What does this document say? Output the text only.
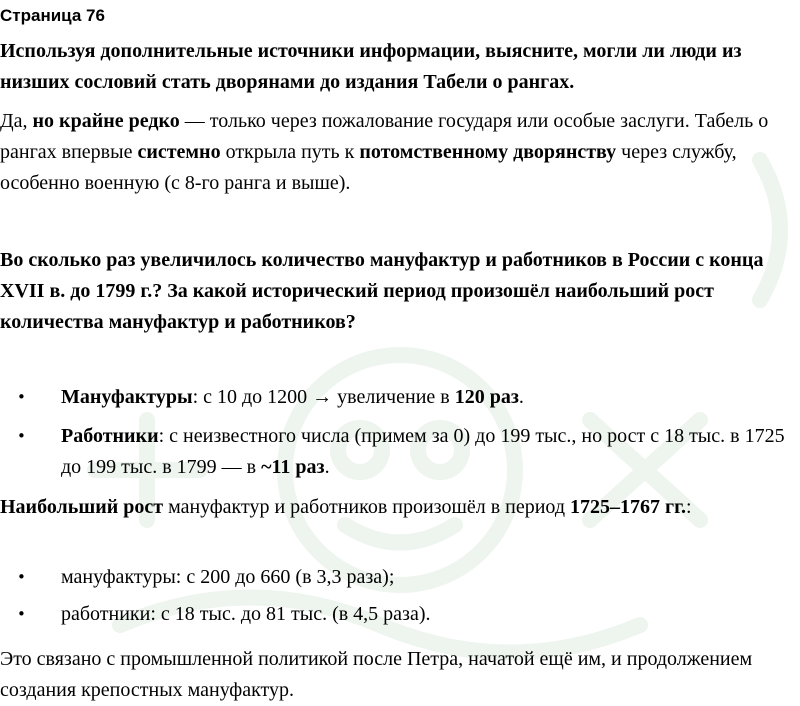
Страница 76

Используя дополнительные источники информации, выясните, могли ли люди из низших сословий стать дворянами до издания Табели о рангах.

Да, но крайне редко — только через пожалование государя или особые заслуги. Табель о рангах впервые системно открыла путь к потомственному дворянству через службу, особенно военную (с 8-го ранга и выше).

Во сколько раз увеличилось количество мануфактур и работников в России с конца XVII в. до 1799 г.? За какой исторический период произошёл наибольший рост количества мануфактур и работников?

• Мануфактуры: с 10 до 1200 → увеличение в 120 раз.
• Работники: с неизвестного числа (примем за 0) до 199 тыс., но рост с 18 тыс. в 1725 до 199 тыс. в 1799 — в ~11 раз.

Наибольший рост мануфактур и работников произошёл в период 1725–1767 гг.:

• мануфактуры: с 200 до 660 (в 3,3 раза);
• работники: с 18 тыс. до 81 тыс. (в 4,5 раза).

Это связано с промышленной политикой после Петра, начатой ещё им, и продолжением создания крепостных мануфактур.
